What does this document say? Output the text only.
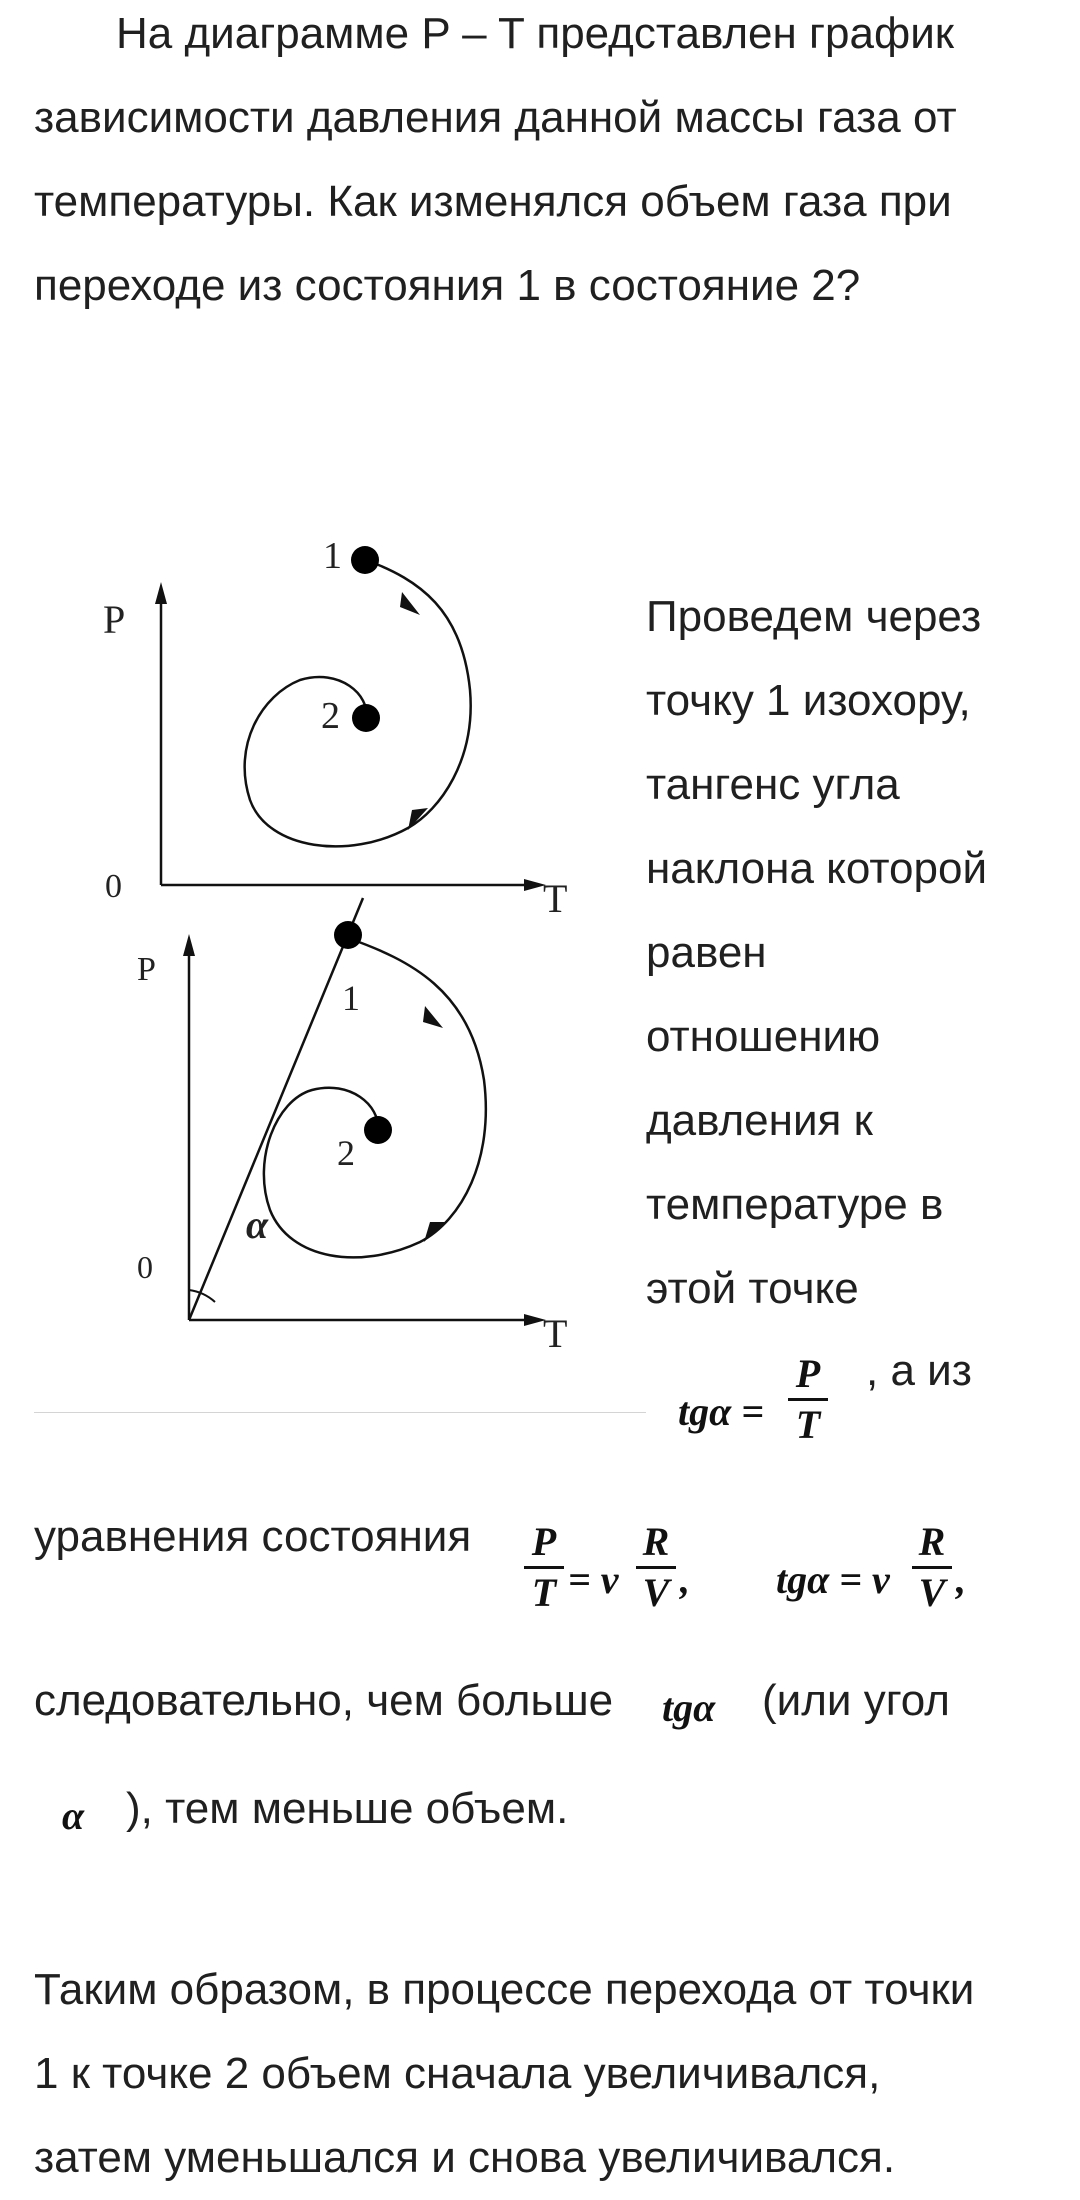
На диаграмме P – T представлен график
зависимости давления данной массы газа от
температуры. Как изменялся объем газа при
переходе из состояния 1 в состояние 2?
P
T
0
1
2
P
T
0
α
1
2
Проведем через
точку 1 изохору,
тангенс угла
наклона которой
равен
отношению
давления к
температуре в
этой точке
tgα =
P
T
, а из
уравнения состояния P
T = ν
R
V , tgα = ν
R
V ,
следовательно, чем больше tgα (или угол
α ), тем меньше объем.
Таким образом, в процессе перехода от точки
1 к точке 2 объем сначала увеличивался,
затем уменьшался и снова увеличивался.
